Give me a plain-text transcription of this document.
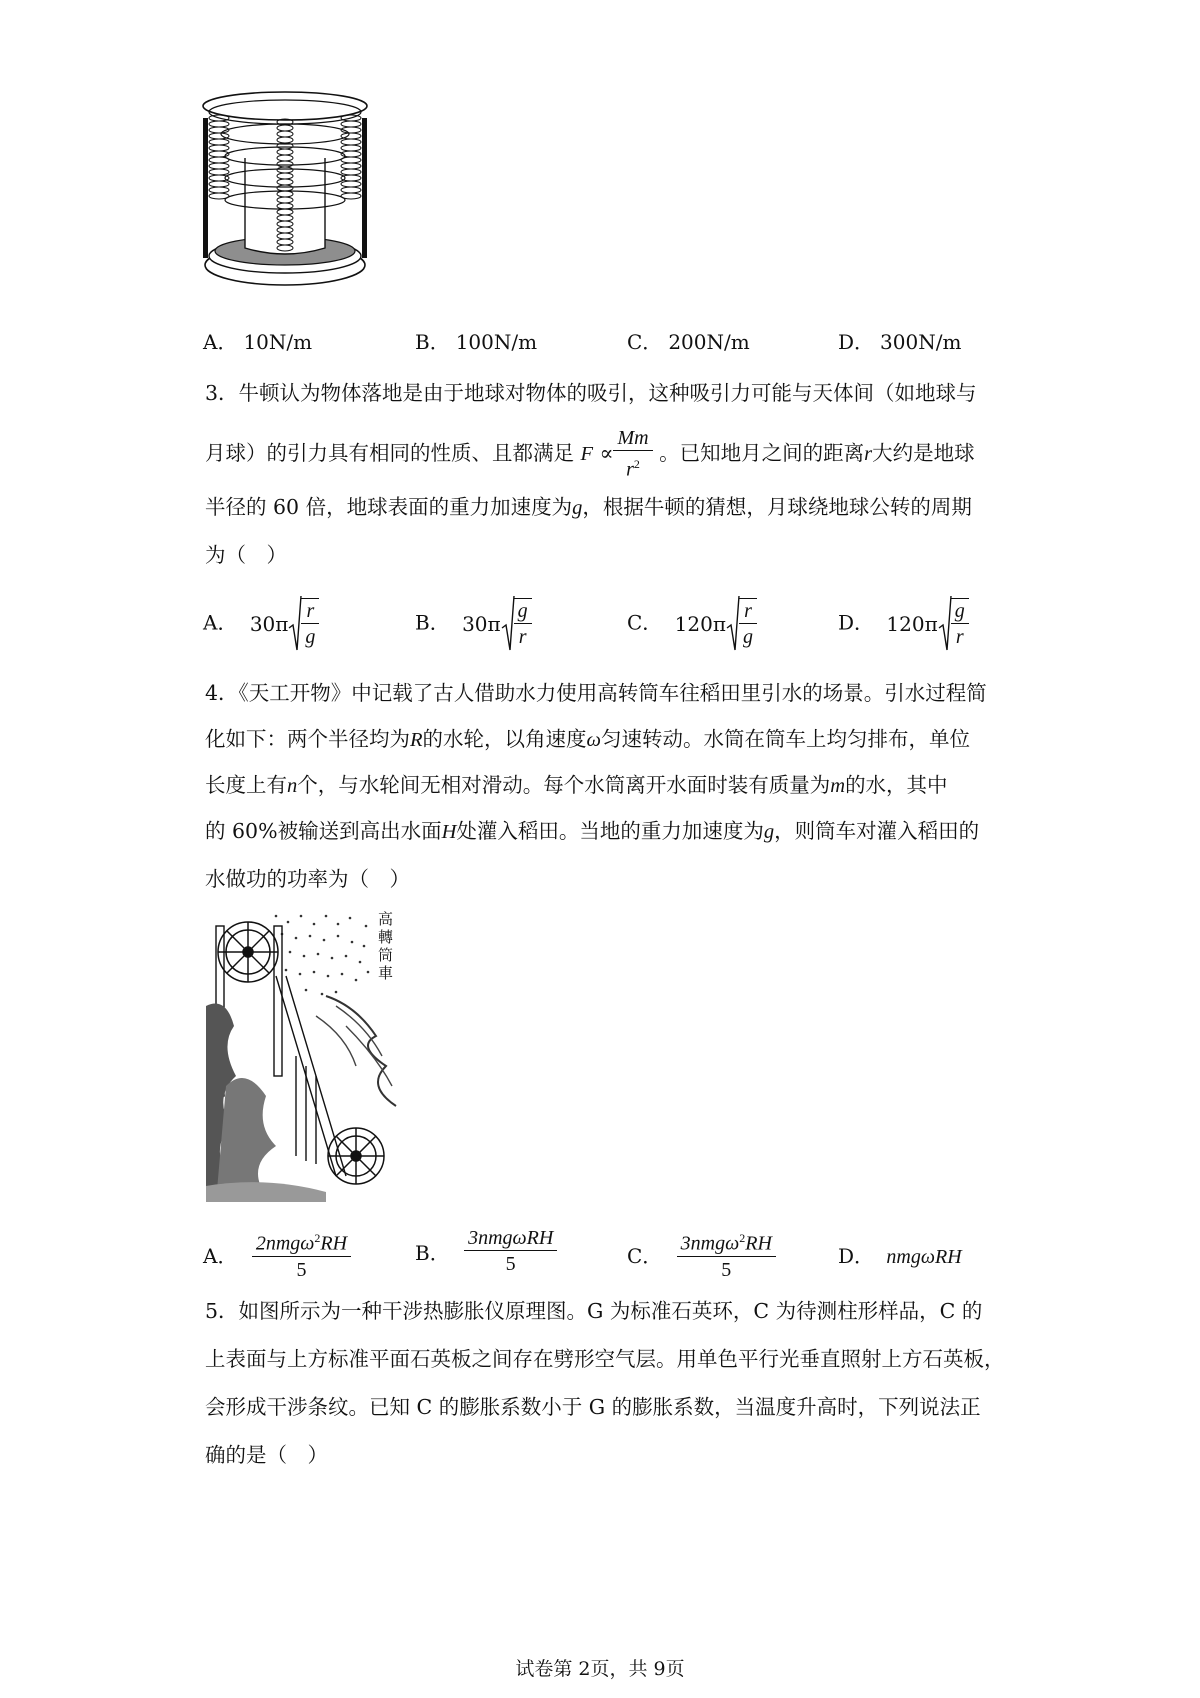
A． 10N/m	B． 100N/m	C． 200N/m	D． 300N/m
3．牛顿认为物体落地是由于地球对物体的吸引，这种吸引力可能与天体间（如地球与
月球）的引力具有相同的性质、且都满足 $F \propto \frac{Mm}{r^2}$ 。已知地月之间的距离r大约是地球
半径的 60 倍，地球表面的重力加速度为g，根据牛顿的猜想，月球绕地球公转的周期
为（　）
A． $30\pi \frac{r}{g}$	B． $30\pi \frac{g}{r}$	C． $120\pi \frac{r}{g}$	D． $120\pi \frac{g}{r}$
4．《天工开物》中记载了古人借助水力使用高转筒车往稻田里引水的场景。引水过程简
化如下：两个半径均为R的水轮，以角速度ω匀速转动。水筒在筒车上均匀排布，单位
长度上有n个，与水轮间无相对滑动。每个水筒离开水面时装有质量为m的水，其中
的 60%被输送到高出水面H处灌入稻田。当地的重力加速度为g，则筒车对灌入稻田的
水做功的功率为（　）
高轉筒車
A． $\frac{2nmg\omega^2RH}{5}$	B． $\frac{\text{3nmgωRH}}{5}$	C． $\frac{3nmg\omega^2RH}{5}$	D． nmgωRH
5．如图所示为一种干涉热膨胀仪原理图。G 为标准石英环，C 为待测柱形样品，C 的
上表面与上方标准平面石英板之间存在劈形空气层。用单色平行光垂直照射上方石英板，
会形成干涉条纹。已知 C 的膨胀系数小于 G 的膨胀系数，当温度升高时，下列说法正
确的是（　）
试卷第 2页，共 9页
